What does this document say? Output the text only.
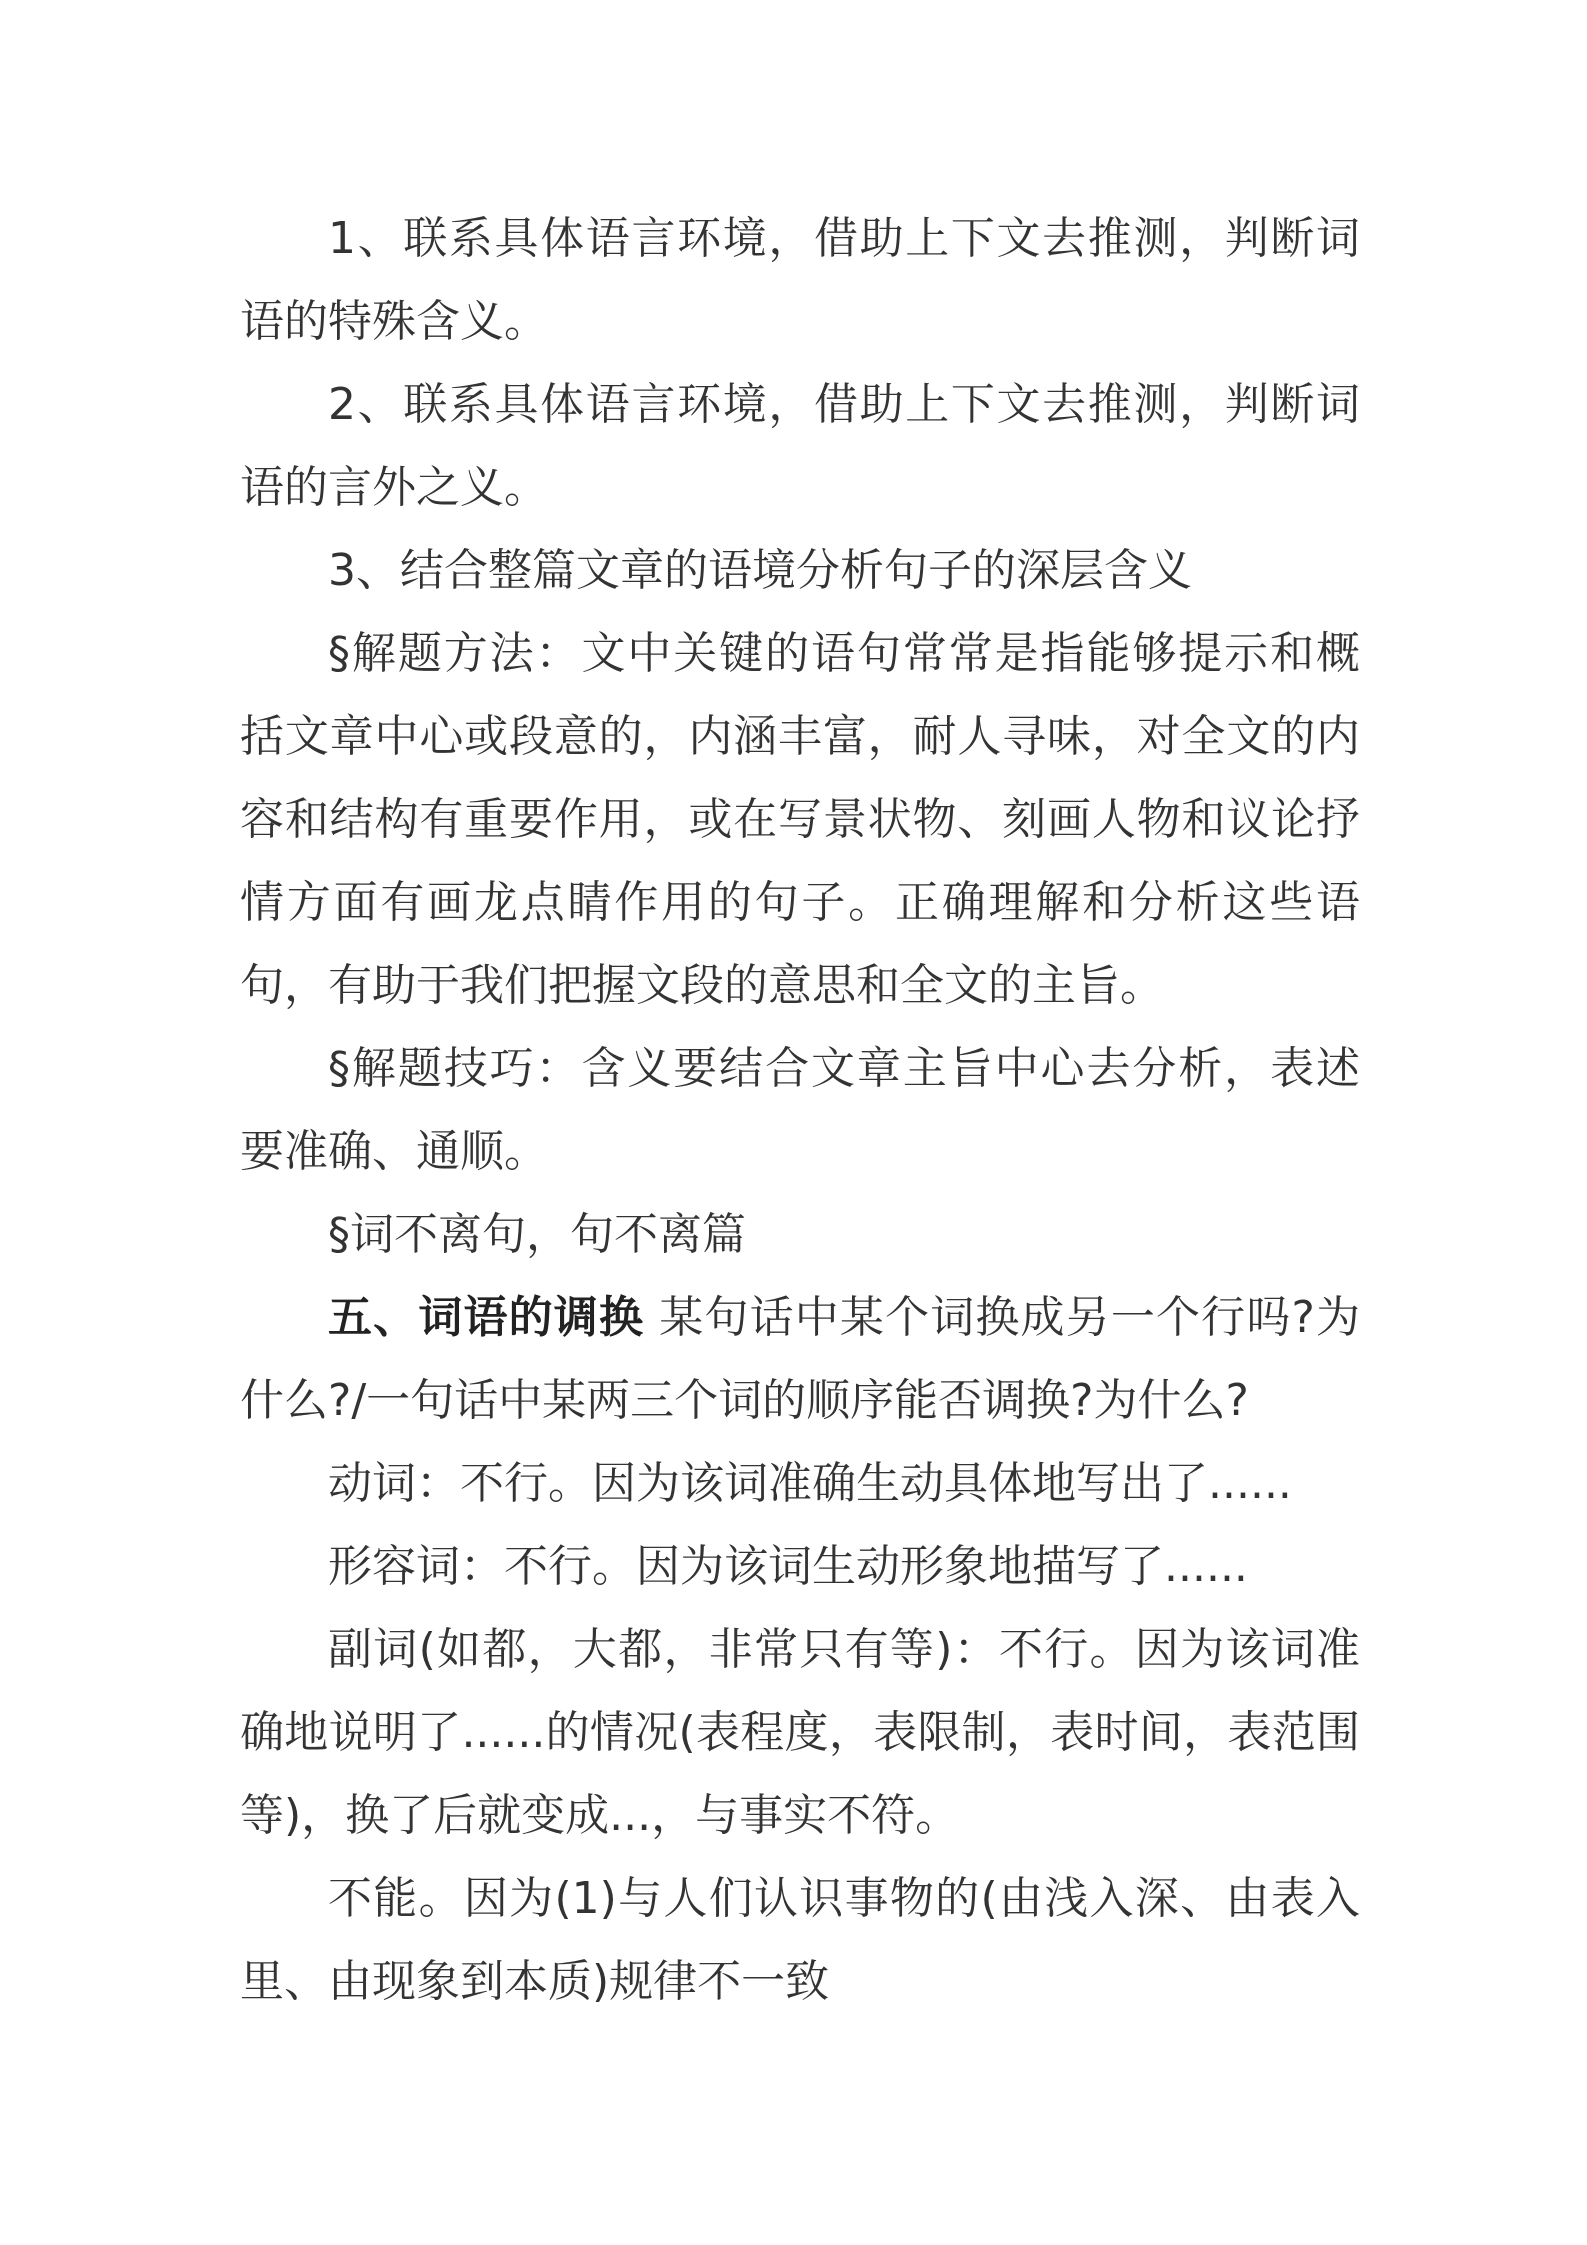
1、联系具体语言环境，借助上下文去推测，判断词语的特殊含义。

2、联系具体语言环境，借助上下文去推测，判断词语的言外之义。

3、结合整篇文章的语境分析句子的深层含义

§解题方法：文中关键的语句常常是指能够提示和概括文章中心或段意的，内涵丰富，耐人寻味，对全文的内容和结构有重要作用，或在写景状物、刻画人物和议论抒情方面有画龙点睛作用的句子。正确理解和分析这些语句，有助于我们把握文段的意思和全文的主旨。

§解题技巧：含义要结合文章主旨中心去分析，表述要准确、通顺。

§词不离句，句不离篇

五、词语的调换 某句话中某个词换成另一个行吗?为什么?/一句话中某两三个词的顺序能否调换?为什么?

动词：不行。因为该词准确生动具体地写出了......

形容词：不行。因为该词生动形象地描写了......

副词(如都，大都，非常只有等)：不行。因为该词准确地说明了......的情况(表程度，表限制，表时间，表范围等)，换了后就变成...，与事实不符。

不能。因为(1)与人们认识事物的(由浅入深、由表入里、由现象到本质)规律不一致
